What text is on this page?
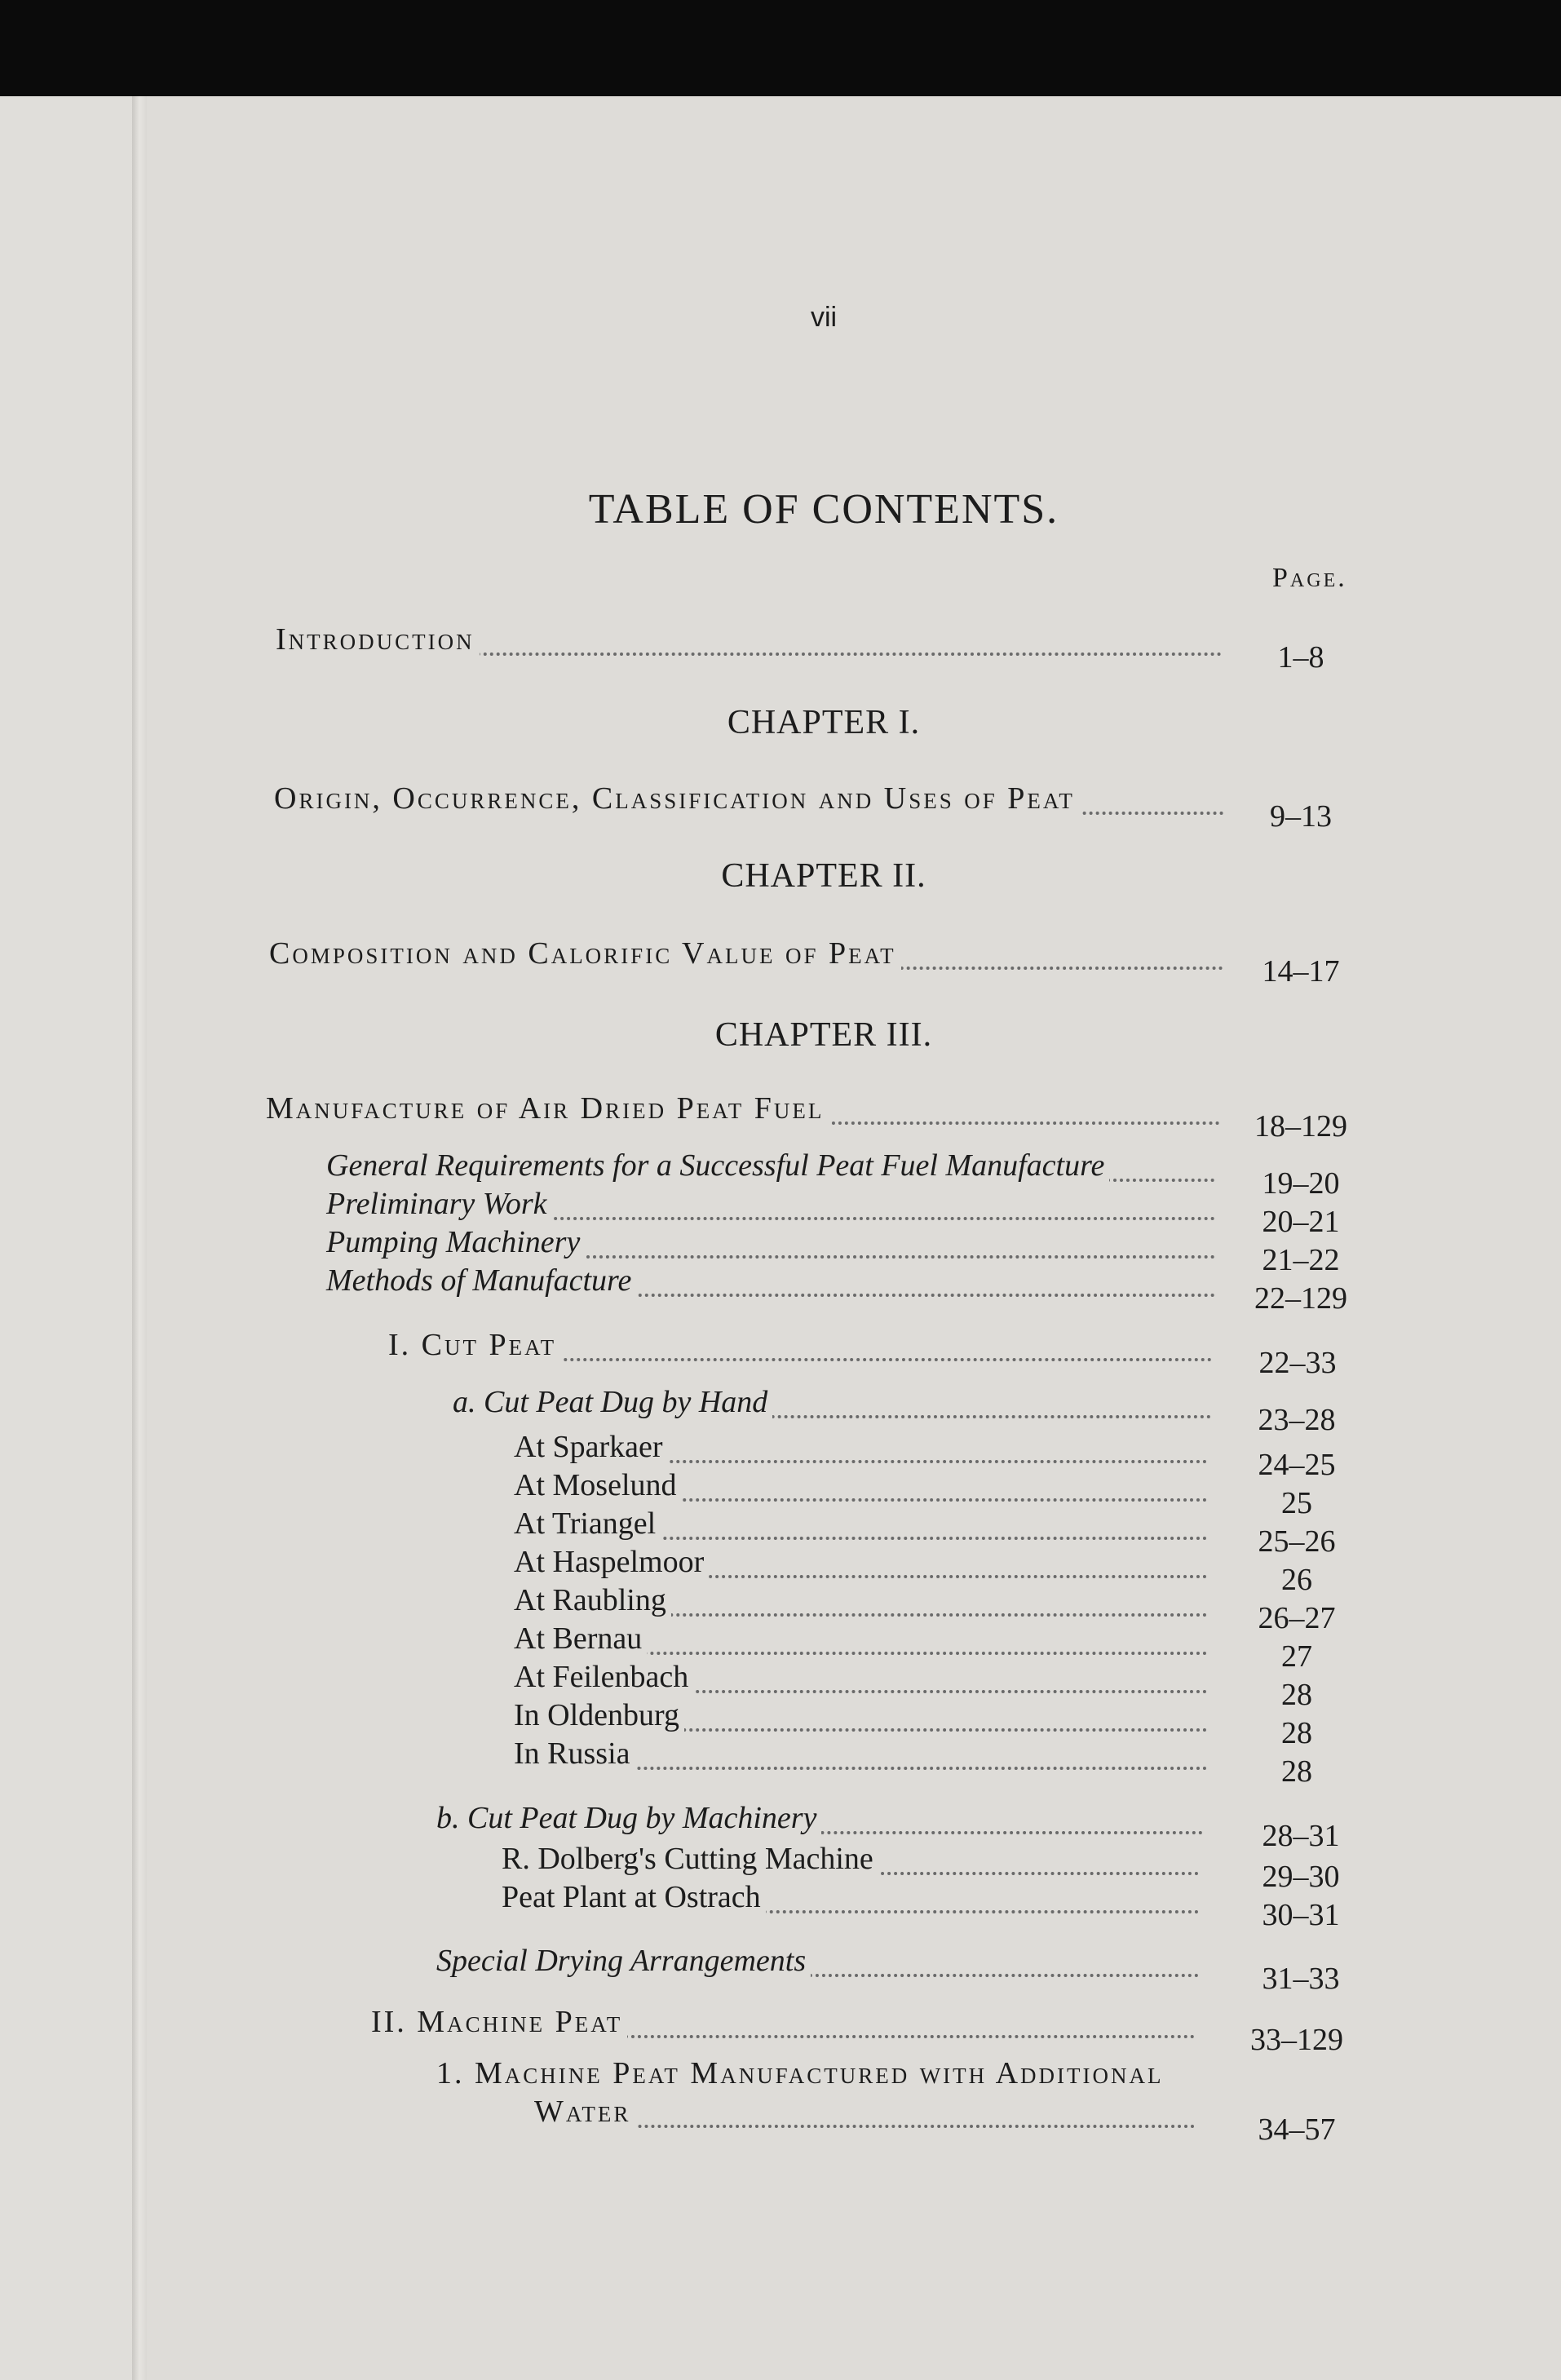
vii
TABLE OF CONTENTS.
Page.
Introduction
1–8
CHAPTER I.
Origin, Occurrence, Classification and Uses of Peat
9–13
CHAPTER II.
Composition and Calorific Value of Peat
14–17
CHAPTER III.
Manufacture of Air Dried Peat Fuel
18–129
General Requirements for a Successful Peat Fuel Manufacture
19–20
Preliminary Work
20–21
Pumping Machinery
21–22
Methods of Manufacture
22–129
I. Cut Peat
22–33
a. Cut Peat Dug by Hand
23–28
At Sparkaer
24–25
At Moselund
25
At Triangel
25–26
At Haspelmoor
26
At Raubling
26–27
At Bernau
27
At Feilenbach
28
In Oldenburg
28
In Russia
28
b. Cut Peat Dug by Machinery
28–31
R. Dolberg's Cutting Machine
29–30
Peat Plant at Ostrach
30–31
Special Drying Arrangements
31–33
II. Machine Peat
33–129
1. Machine Peat Manufactured with Additional
Water
34–57
